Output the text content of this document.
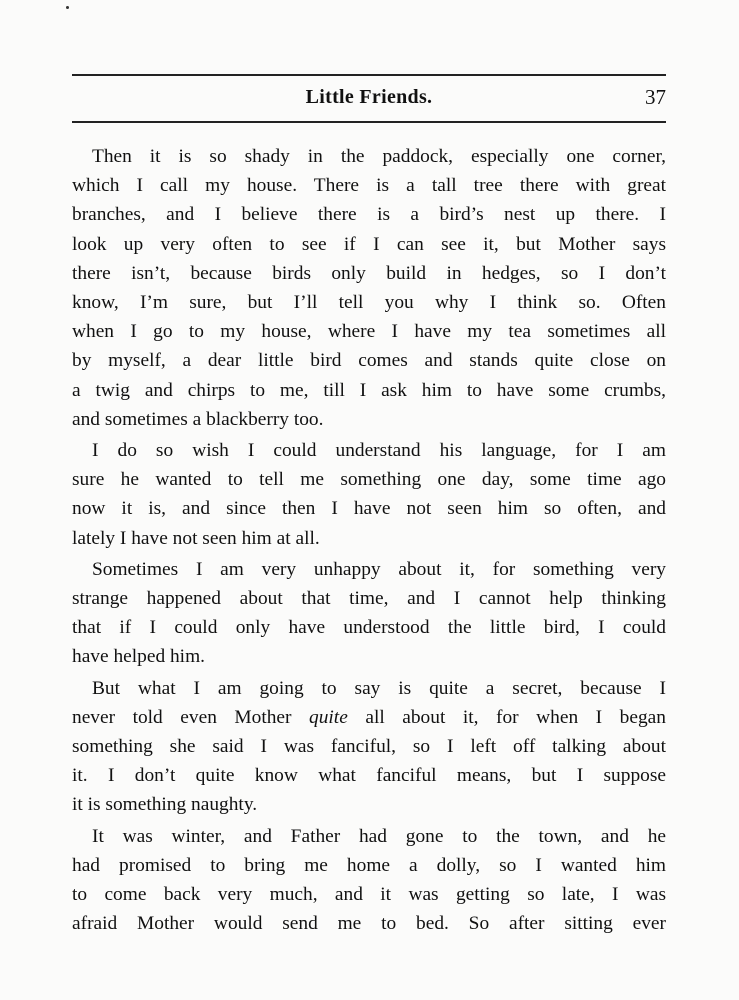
Little Friends.	37
Then it is so shady in the paddock, especially one corner,
which I call my house. There is a tall tree there with great
branches, and I believe there is a bird’s nest up there. I
look up very often to see if I can see it, but Mother says
there isn’t, because birds only build in hedges, so I don’t
know, I’m sure, but I’ll tell you why I think so. Often
when I go to my house, where I have my tea sometimes all
by myself, a dear little bird comes and stands quite close on
a twig and chirps to me, till I ask him to have some crumbs,
and sometimes a blackberry too.
I do so wish I could understand his language, for I am
sure he wanted to tell me something one day, some time ago
now it is, and since then I have not seen him so often, and
lately I have not seen him at all.
Sometimes I am very unhappy about it, for something very
strange happened about that time, and I cannot help thinking
that if I could only have understood the little bird, I could
have helped him.
But what I am going to say is quite a secret, because I
never told even Mother quite all about it, for when I began
something she said I was fanciful, so I left off talking about
it. I don’t quite know what fanciful means, but I suppose
it is something naughty.
It was winter, and Father had gone to the town, and he
had promised to bring me home a dolly, so I wanted him
to come back very much, and it was getting so late, I was
afraid Mother would send me to bed. So after sitting ever
